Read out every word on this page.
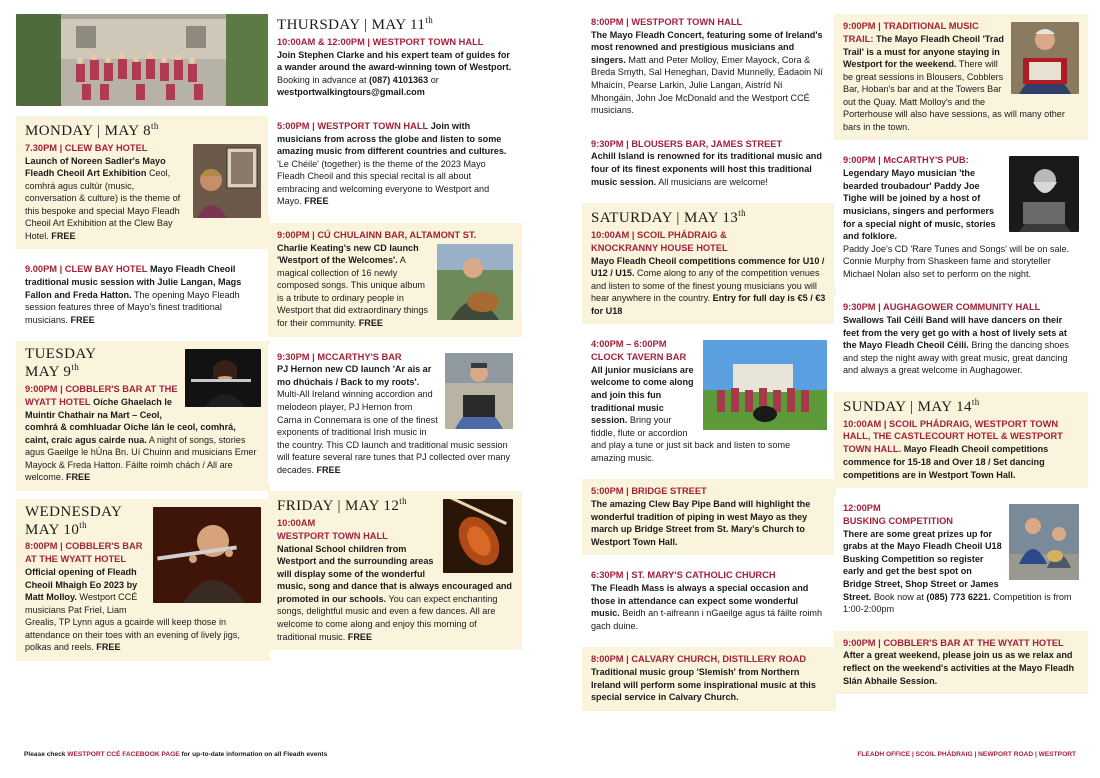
MONDAY | MAY 8th

7.30PM | CLEW BAY HOTEL

Launch of Noreen Sadler's Mayo Fleadh Cheoil Art Exhibition Ceol, comhrá agus cultúr (music, conversation & culture) is the theme of this bespoke and special Mayo Fleadh Cheoil Art Exhibition at the Clew Bay Hotel. FREE

9.00PM | CLEW BAY HOTEL Mayo Fleadh Cheoil traditional music session with Julie Langan, Mags Fallon and Freda Hatton. The opening Mayo Fleadh session features three of Mayo's finest traditional musicians. FREE

TUESDAY
MAY 9th

9:00PM | COBBLER'S BAR AT THE WYATT HOTEL Oíche Ghaelach le Muintir Chathair na Mart – Ceol, comhrá & comhluadar Oíche lán le ceol, comhrá, caint, craic agus cairde nua. A night of songs, stories agus Gaeilge le hÚna Bn. Uí Chuinn and musicians Emer Mayock & Freda Hatton. Fáilte roimh chách / All are welcome. FREE

WEDNESDAY
MAY 10th

8:00PM | COBBLER'S BAR AT THE WYATT HOTEL Official opening of Fleadh Cheoil Mhaigh Eo 2023 by Matt Molloy. Westport CCÉ musicians Pat Friel, Liam Grealis, TP Lynn agus a gcairde will keep those in attendance on their toes with an evening of lively jigs, polkas and reels. FREE

THURSDAY | MAY 11th

10:00AM & 12:00PM | WESTPORT TOWN HALL

Join Stephen Clarke and his expert team of guides for a wander around the award-winning town of Westport.

Booking in advance at (087) 4101363 or westportwalkingtours@gmail.com

5:00PM | WESTPORT TOWN HALL Join with musicians from across the globe and listen to some amazing music from different countries and cultures. 'Le Chéile' (together) is the theme of the 2023 Mayo Fleadh Cheoil and this special recital is all about embracing and welcoming everyone to Westport and Mayo. FREE

9:00PM | CÚ CHULAINN BAR, ALTAMONT ST.

Charlie Keating's new CD launch 'Westport of the Welcomes'. A magical collection of 16 newly composed songs. This unique album is a tribute to ordinary people in Westport that did extraordinary things for their community. FREE

9:30PM | MCCARTHY'S BAR

PJ Hernon new CD launch 'Ar ais ar mo dhúchais / Back to my roots'. Multi-All Ireland winning accordion and melodeon player, PJ Hernon from Carna in Connemara is one of the finest exponents of traditional Irish music in the country. This CD launch and traditional music session will feature several rare tunes that PJ collected over many decades. FREE

FRIDAY | MAY 12th

10:00AM

WESTPORT TOWN HALL

National School children from Westport and the surrounding areas will display some of the wonderful music, song and dance that is always encouraged and promoted in our schools. You can expect enchanting songs, delightful music and even a few dances. All are welcome to come along and enjoy this morning of traditional music. FREE

8:00PM | WESTPORT TOWN HALL

The Mayo Fleadh Concert, featuring some of Ireland's most renowned and prestigious musicians and singers. Matt and Peter Molloy, Emer Mayock, Cora & Breda Smyth, Sal Heneghan, David Munnelly, Éadaoin Ní Mhaicín, Pearse Larkin, Julie Langan, Aistríd Ní Mhongáin, John Joe McDonald and the Westport CCÉ musicians.

9:30PM | BLOUSERS BAR, JAMES STREET

Achill Island is renowned for its traditional music and four of its finest exponents will host this traditional music session. All musicians are welcome!

SATURDAY | MAY 13th

10:00AM | SCOIL PHÁDRAIG &

KNOCKRANNY HOUSE HOTEL

Mayo Fleadh Cheoil competitions commence for U10 / U12 / U15. Come along to any of the competition venues and listen to some of the finest young musicians you will hear anywhere in the country. Entry for full day is €5 / €3 for U18

4:00PM – 6:00PM

CLOCK TAVERN BAR

All junior musicians are welcome to come along and join this fun traditional music session. Bring your fiddle, flute or accordion and play a tune or just sit back and listen to some amazing music.

5:00PM | BRIDGE STREET

The amazing Clew Bay Pipe Band will highlight the wonderful tradition of piping in west Mayo as they march up Bridge Street from St. Mary's Church to Westport Town Hall.

6:30PM | ST. MARY'S CATHOLIC CHURCH

The Fleadh Mass is always a special occasion and those in attendance can expect some wonderful music. Beidh an t-aifreann i nGaeilge agus tá fáilte roimh gach duine.

8:00PM | CALVARY CHURCH, DISTILLERY ROAD

Traditional music group 'Slemish' from Northern Ireland will perform some inspirational music at this special service in Calvary Church.

9:00PM | TRADITIONAL MUSIC TRAIL: The Mayo Fleadh Cheoil 'Trad Trail' is a must for anyone staying in Westport for the weekend. There will be great sessions in Blousers, Cobblers Bar, Hoban's bar and at the Towers Bar out the Quay. Matt Molloy's and the Porterhouse will also have sessions, as will many other bars in the town.

9:00PM | McCARTHY'S PUB:

Legendary Mayo musician 'the bearded troubadour' Paddy Joe Tighe will be joined by a host of musicians, singers and performers for a special night of music, stories and folklore.

Paddy Joe's CD 'Rare Tunes and Songs' will be on sale. Connie Murphy from Shaskeen fame and storyteller Michael Nolan also set to perform on the night.

9:30PM | AUGHAGOWER COMMUNITY HALL

Swallows Tail Céilí Band will have dancers on their feet from the very get go with a host of lively sets at the Mayo Fleadh Cheoil Céilí. Bring the dancing shoes and step the night away with great music, great dancing and always a great welcome in Aughagower.

SUNDAY | MAY 14th

10:00AM | SCOIL PHÁDRAIG, WESTPORT TOWN HALL, THE CASTLECOURT HOTEL & WESTPORT TOWN HALL. Mayo Fleadh Cheoil competitions commence for 15-18 and Over 18 / Set dancing competitions are in Westport Town Hall.

12:00PM

BUSKING COMPETITION

There are some great prizes up for grabs at the Mayo Fleadh Cheoil U18 Busking Competition so register early and get the best spot on Bridge Street, Shop Street or James Street. Book now at (085) 773 6221. Competition is from 1:00-2:00pm

9:00PM | COBBLER'S BAR AT THE WYATT HOTEL

After a great weekend, please join us as we relax and reflect on the weekend's activities at the Mayo Fleadh Slán Abhaile Session.

Please check WESTPORT CCÉ FACEBOOK PAGE for up-to-date information on all Fleadh events	FLEADH OFFICE | SCOIL PHÁDRAIG | NEWPORT ROAD | WESTPORT
